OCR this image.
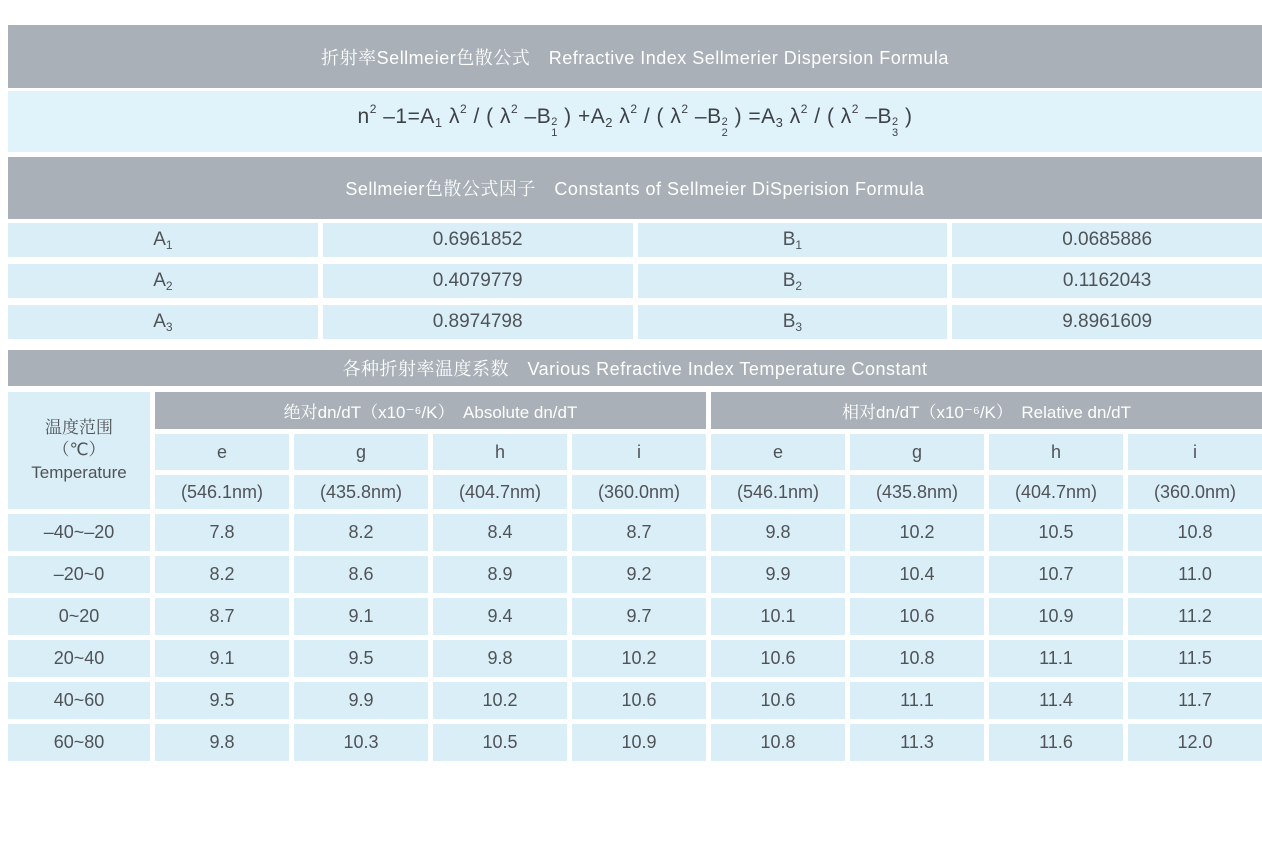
折射率Sellmeier色散公式 Refractive Index Sellmerier Dispersion Formula
$n^2$ –1=A1 $\lambda^2$ / ( $\lambda^2$ –B 2
1
) +A2 $\lambda^2$ / ( $\lambda^2$ –B 2
2
) =A3 $\lambda^2$ / ( $\lambda^2$ –B 2
3
)
Sellmeier色散公式因子 Constants of Sellmeier DiSperision Formula
A 1	0.6961852	B 1	0.0685886
A 2	0.4079779	B 2	0.1162043
A 3	0.8974798	B 3	9.8961609
各种折射率温度系数 Various Refractive Index Temperature Constant
温度范围
（℃）
Temperature
绝对dn/dT（x10⁻⁶/K） Absolute dn/dT	相对dn/dT（x10⁻⁶/K） Relative dn/dT
e	g	h	i	e	g	h	i
(546.1nm)	(435.8nm)	(404.7nm)	(360.0nm)	(546.1nm)	(435.8nm)	(404.7nm)	(360.0nm)
–40~–20	7.8	8.2	8.4	8.7	9.8	10.2	10.5	10.8
–20~0	8.2	8.6	8.9	9.2	9.9	10.4	10.7	11.0
0~20	8.7	9.1	9.4	9.7	10.1	10.6	10.9	11.2
20~40	9.1	9.5	9.8	10.2	10.6	10.8	11.1	11.5
40~60	9.5	9.9	10.2	10.6	10.6	11.1	11.4	11.7
60~80	9.8	10.3	10.5	10.9	10.8	11.3	11.6	12.0
